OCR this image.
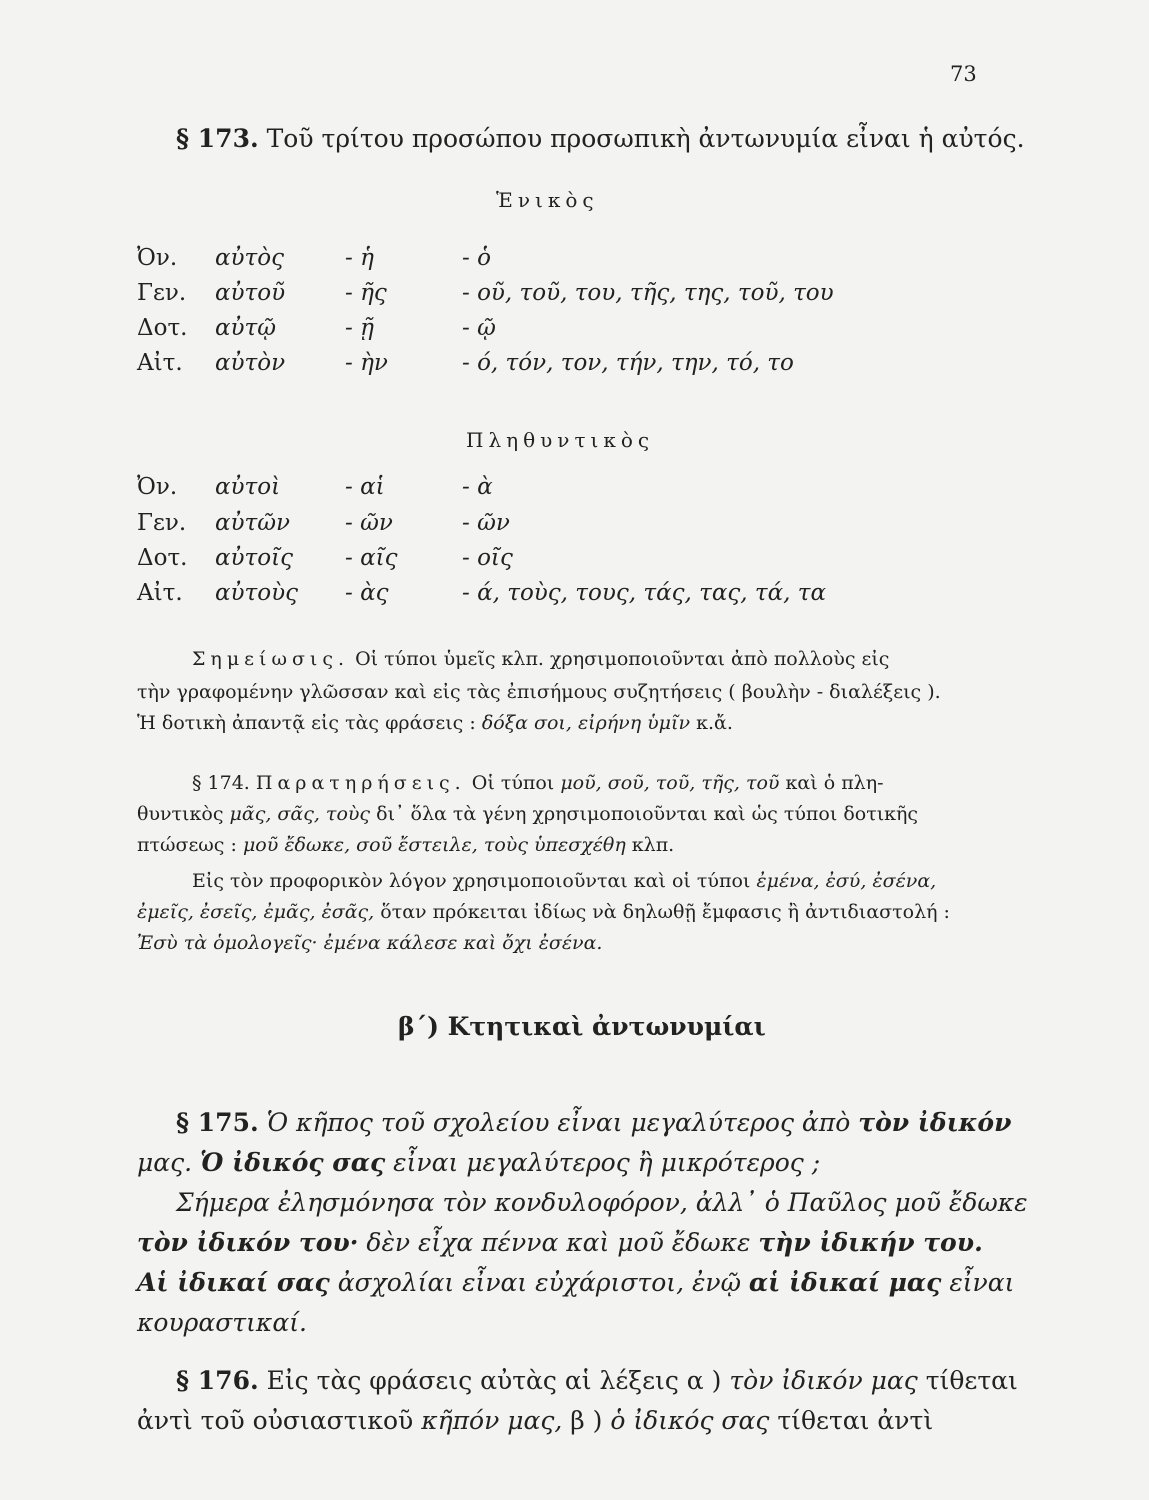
73
§ 173. Τοῦ τρίτου προσώπου προσωπικὴ ἀντωνυμία εἶναι ἡ αὐτός.
Ἑνικὸς
Ὀν. αὐτὸς	- ἡ	- ὁ
Γεν. αὐτοῦ	- ῆς	- οῦ, τοῦ, του, τῆς, της, τοῦ, του
Δοτ. αὐτῷ	- ῇ	- ῷ
Αἰτ. αὐτὸν	- ὴν	- ό, τόν, τον, τήν, την, τό, το
Πληθυντικὸς
Ὀν. αὐτοὶ	- αἱ	- ὰ
Γεν. αὐτῶν - ῶν	- ῶν
Δοτ. αὐτοῖς - αῖς	- οῖς
Αἰτ. αὐτοὺς - ὰς	- ά, τοὺς, τους, τάς, τας, τά, τα
Σημείωσις. Οἱ τύποι ὑμεῖς κλπ. χρησιμοποιοῦνται ἀπὸ πολλοὺς εἰς
τὴν γραφομένην γλῶσσαν καὶ εἰς τὰς ἐπισήμους συζητήσεις ( βουλὴν - διαλέξεις ).
Ἡ δοτικὴ ἀπαντᾷ εἰς τὰς φράσεις : δόξα σοι, εἰρήνη ὑμῖν κ.ἄ.
§ 174. Παρατηρήσεις. Οἱ τύποι μοῦ, σοῦ, τοῦ, τῆς, τοῦ καὶ ὁ πλη-
θυντικὸς μᾶς, σᾶς, τοὺς δι᾿ ὅλα τὰ γένη χρησιμοποιοῦνται καὶ ὡς τύποι δοτικῆς
πτώσεως : μοῦ ἔδωκε, σοῦ ἔστειλε, τοὺς ὑπεσχέθη κλπ.
Εἰς τὸν προφορικὸν λόγον χρησιμοποιοῦνται καὶ οἱ τύποι ἐμένα, ἐσύ, ἐσένα,
ἐμεῖς, ἐσεῖς, ἐμᾶς, ἐσᾶς, ὅταν πρόκειται ἰδίως νὰ δηλωθῇ ἔμφασις ἢ ἀντιδιαστολή :
Ἐσὺ τὰ ὁμολογεῖς· ἐμένα κάλεσε καὶ ὄχι ἐσένα.
β΄) Κτητικαὶ ἀντωνυμίαι
§ 175. Ὁ κῆπος τοῦ σχολείου εἶναι μεγαλύτερος ἀπὸ τὸν ἰδικόν
μας. Ὁ ἰδικός σας εἶναι μεγαλύτερος ἢ μικρότερος ;
Σήμερα ἐλησμόνησα τὸν κονδυλοφόρον, ἀλλ᾿ ὁ Παῦλος μοῦ ἔδωκε
τὸν ἰδικόν του· δὲν εἶχα πέννα καὶ μοῦ ἔδωκε τὴν ἰδικήν του.
Αἱ ἰδικαί σας ἀσχολίαι εἶναι εὐχάριστοι, ἐνῷ αἱ ἰδικαί μας εἶναι
κουραστικαί.
§ 176. Εἰς τὰς φράσεις αὐτὰς αἱ λέξεις α ) τὸν ἰδικόν μας τίθεται
ἀντὶ τοῦ οὐσιαστικοῦ κῆπόν μας, β ) ὁ ἰδικός σας τίθεται ἀντὶ
